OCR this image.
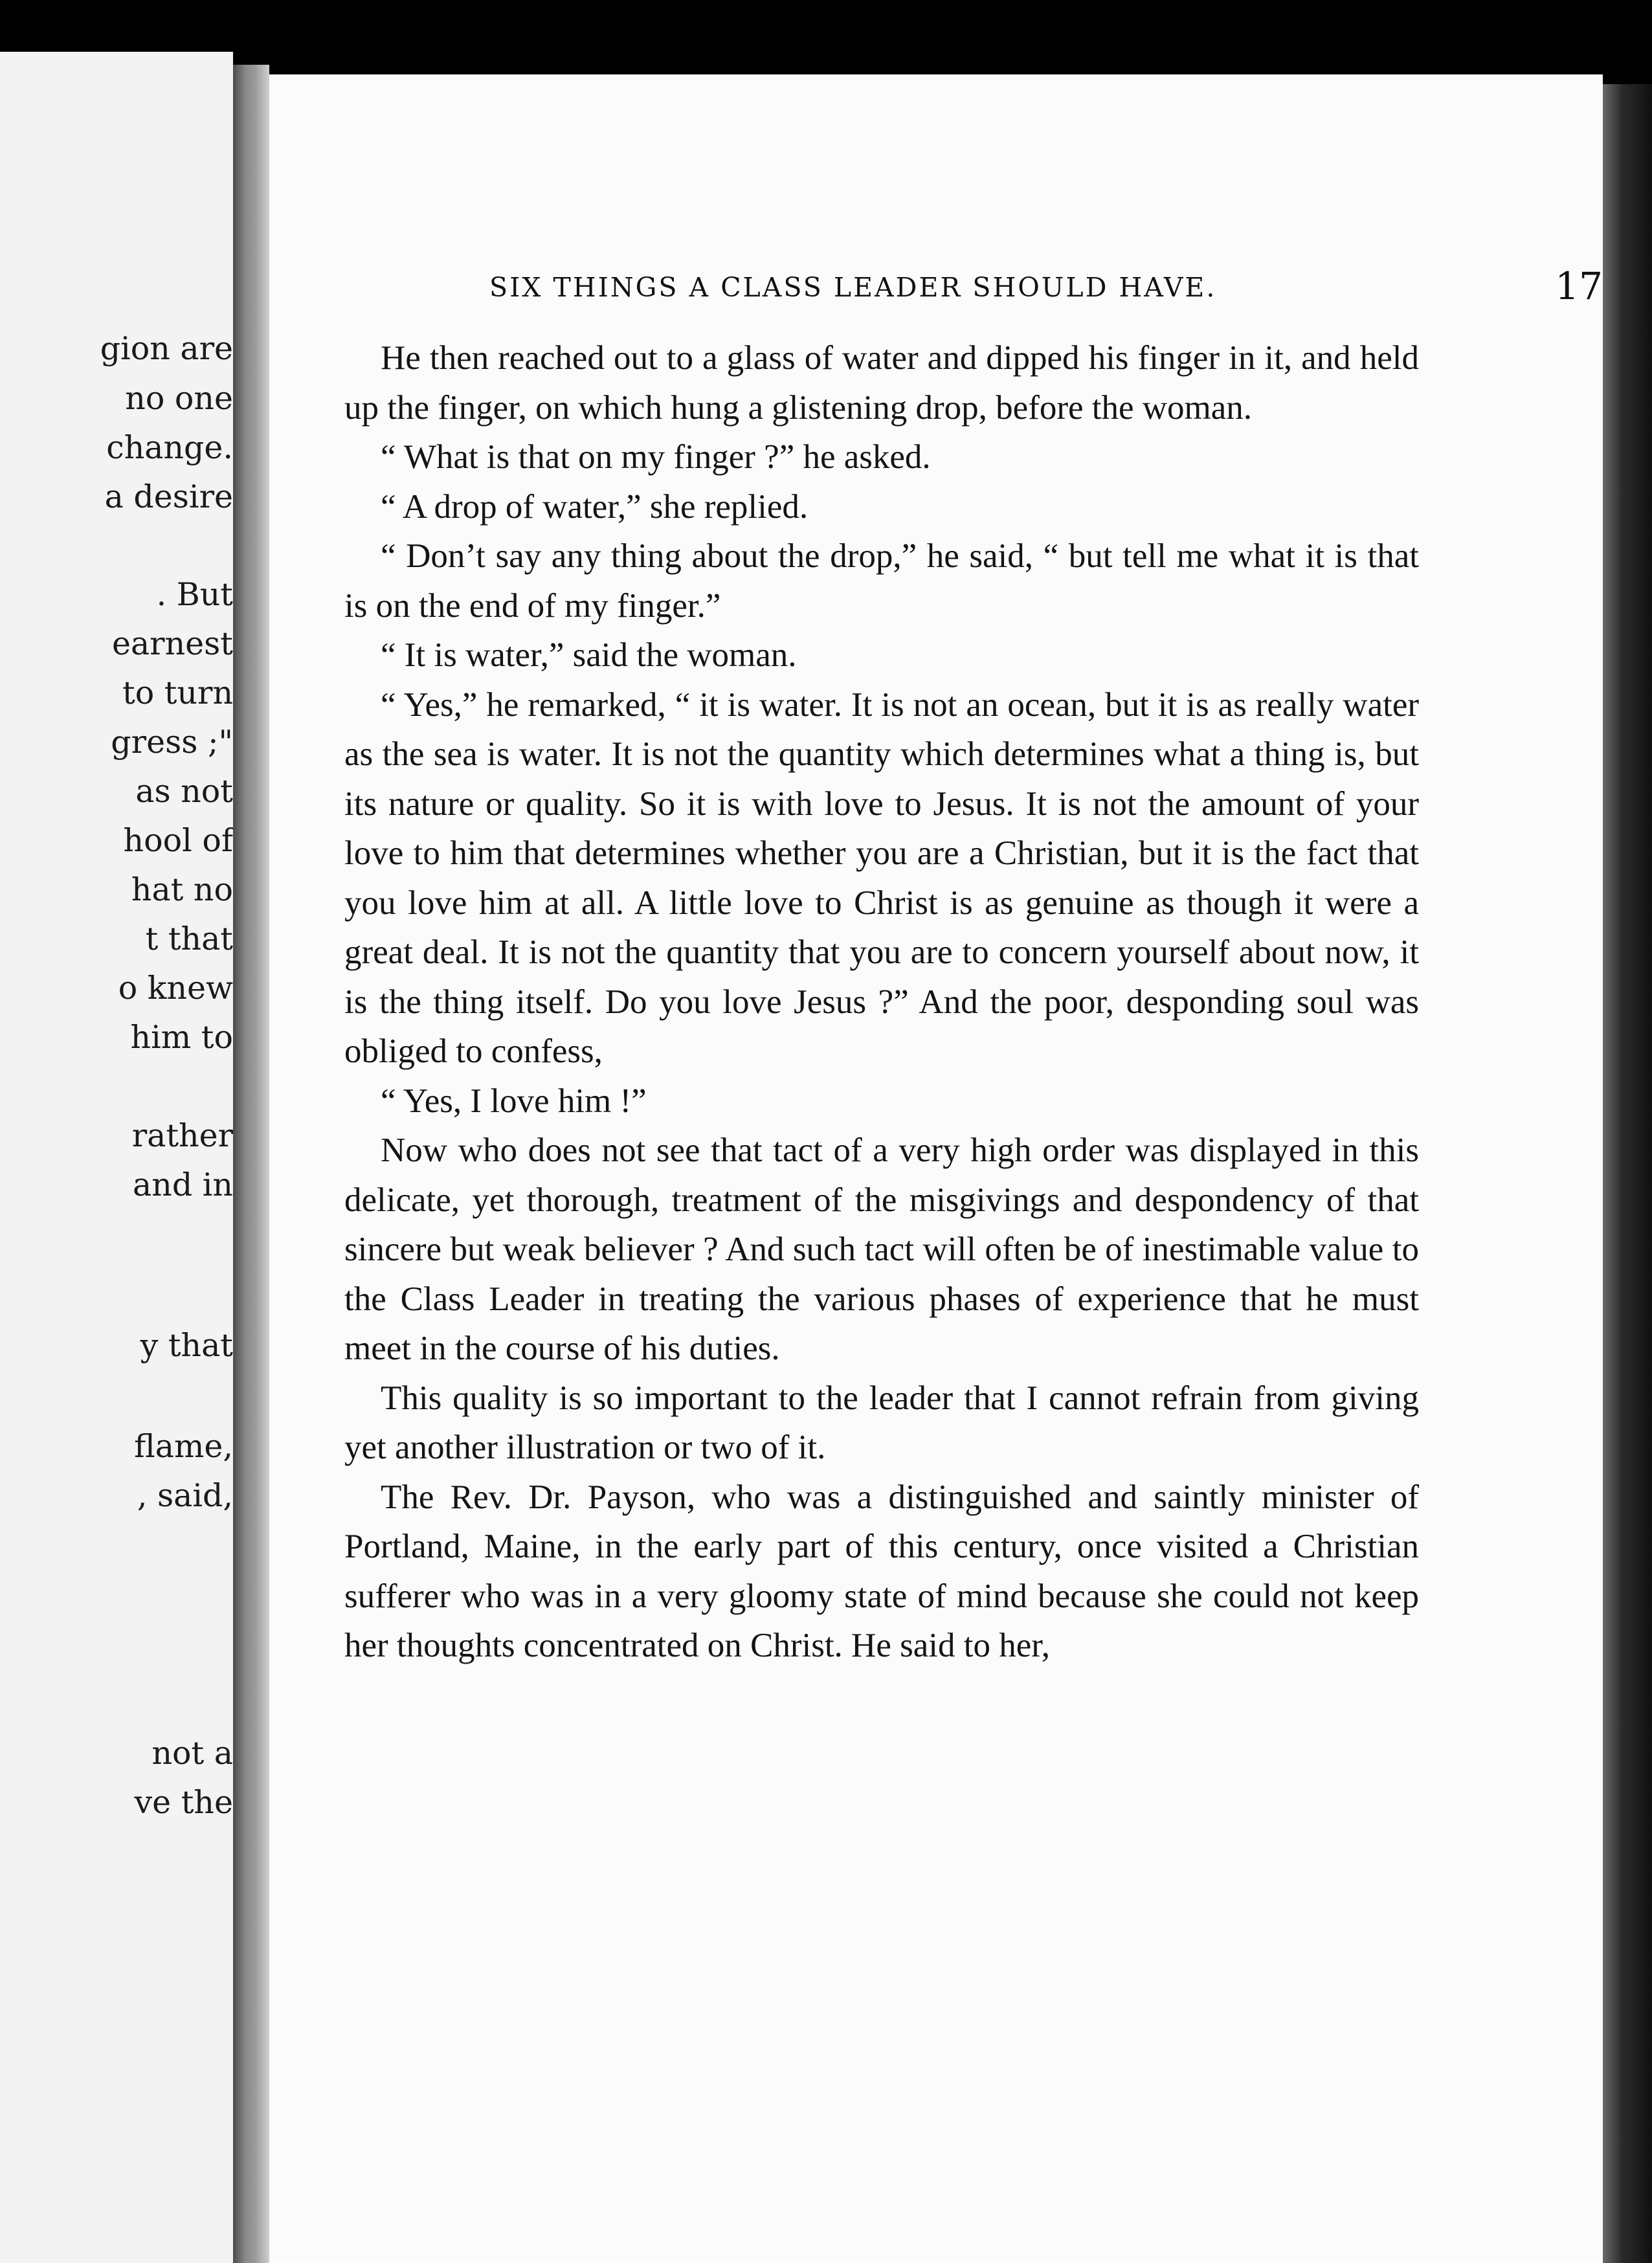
gion are
no one
change.
a desire
. But
earnest
to turn
gress ;"
as not
hool of
hat no
t that
o knew
him to
rather
and in
y that
flame,
, said,
not a
ve the
SIX THINGS A CLASS LEADER SHOULD HAVE.	17

He then reached out to a glass of water and dipped his finger in it, and held up the finger, on which hung a glistening drop, before the woman.

“ What is that on my finger ?” he asked.

“ A drop of water,” she replied.

“ Don’t say any thing about the drop,” he said, “ but tell me what it is that is on the end of my finger.”

“ It is water,” said the woman.

“ Yes,” he remarked, “ it is water. It is not an ocean, but it is as really water as the sea is water. It is not the quantity which determines what a thing is, but its nature or quality. So it is with love to Jesus. It is not the amount of your love to him that determines whether you are a Christian, but it is the fact that you love him at all. A little love to Christ is as genuine as though it were a great deal. It is not the quantity that you are to concern yourself about now, it is the thing itself. Do you love Jesus ?” And the poor, desponding soul was obliged to confess,

“ Yes, I love him !”

Now who does not see that tact of a very high order was displayed in this delicate, yet thorough, treatment of the misgivings and despondency of that sincere but weak believer ? And such tact will often be of inestimable value to the Class Leader in treating the various phases of experience that he must meet in the course of his duties.

This quality is so important to the leader that I cannot refrain from giving yet another illustration or two of it.

The Rev. Dr. Payson, who was a distinguished and saintly minister of Portland, Maine, in the early part of this century, once visited a Christian sufferer who was in a very gloomy state of mind because she could not keep her thoughts concentrated on Christ. He said to her,
